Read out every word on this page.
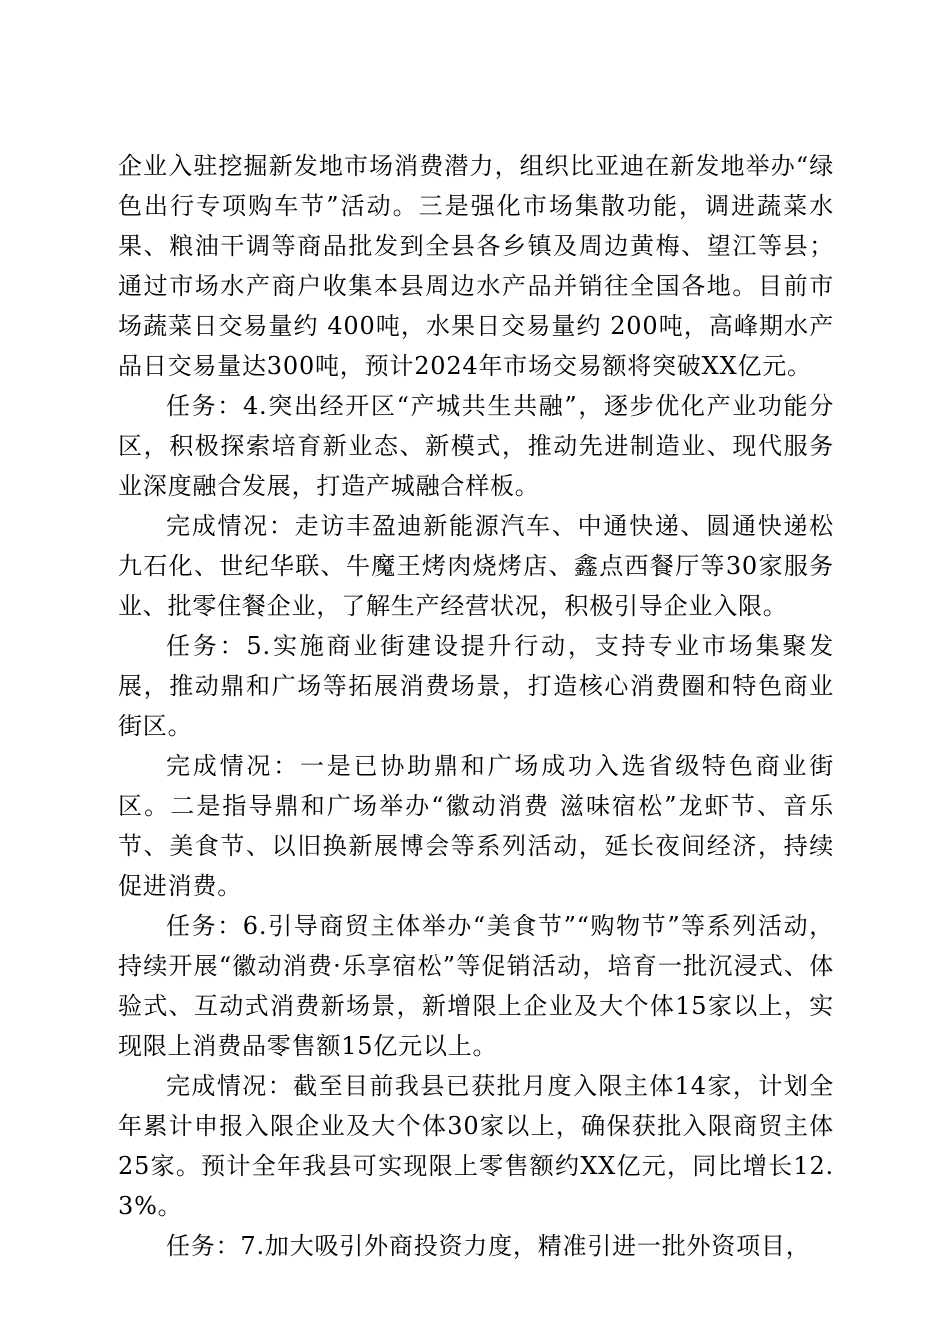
企业入驻挖掘新发地市场消费潜力，组织比亚迪在新发地举办“绿色出行专项购车节”活动。三是强化市场集散功能，调进蔬菜水果、粮油干调等商品批发到全县各乡镇及周边黄梅、望江等县；通过市场水产商户收集本县周边水产品并销往全国各地。目前市场蔬菜日交易量约 400吨，水果日交易量约 200吨，高峰期水产品日交易量达300吨，预计2024年市场交易额将突破XX亿元。

任务：4.突出经开区“产城共生共融”，逐步优化产业功能分区，积极探索培育新业态、新模式，推动先进制造业、现代服务业深度融合发展，打造产城融合样板。

完成情况：走访丰盈迪新能源汽车、中通快递、圆通快递松九石化、世纪华联、牛魔王烤肉烧烤店、鑫点西餐厅等30家服务业、批零住餐企业，了解生产经营状况，积极引导企业入限。

任务：5.实施商业街建设提升行动，支持专业市场集聚发展，推动鼎和广场等拓展消费场景，打造核心消费圈和特色商业街区。

完成情况：一是已协助鼎和广场成功入选省级特色商业街区。二是指导鼎和广场举办“徽动消费 滋味宿松”龙虾节、音乐节、美食节、以旧换新展博会等系列活动，延长夜间经济，持续促进消费。

任务：6.引导商贸主体举办“美食节”“购物节”等系列活动，持续开展“徽动消费·乐享宿松”等促销活动，培育一批沉浸式、体验式、互动式消费新场景，新增限上企业及大个体15家以上，实现限上消费品零售额15亿元以上。

完成情况：截至目前我县已获批月度入限主体14家，计划全年累计申报入限企业及大个体30家以上，确保获批入限商贸主体25家。预计全年我县可实现限上零售额约XX亿元，同比增长12.3%。

任务：7.加大吸引外商投资力度，精准引进一批外资项目，
